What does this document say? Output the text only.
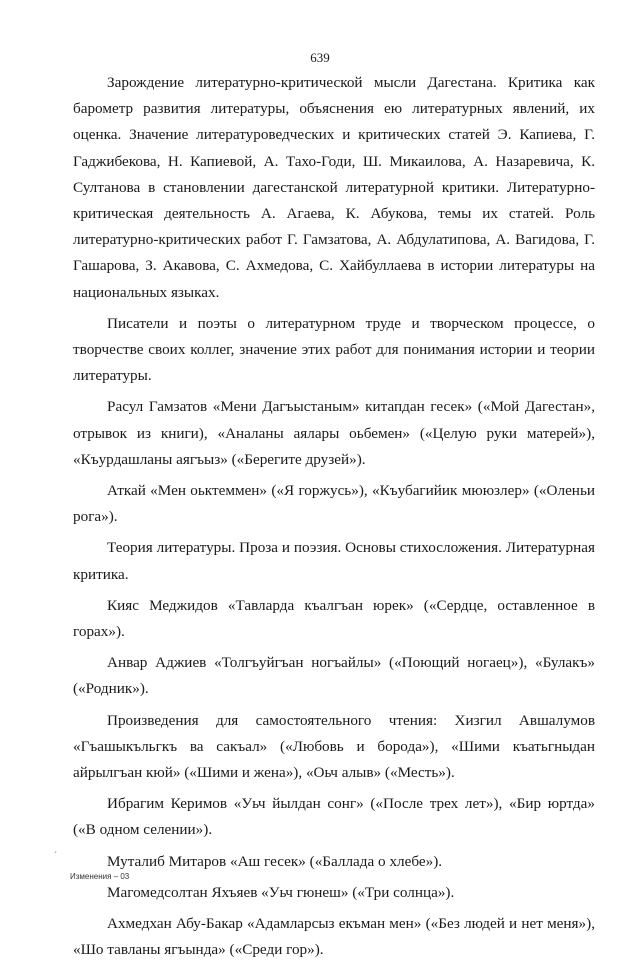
639

Зарождение литературно-критической мысли Дагестана. Критика как барометр развития литературы, объяснения ею литературных явлений, их оценка. Значение литературоведческих и критических статей Э. Капиева, Г. Гаджибекова, Н. Капиевой, А. Тахо-Годи, Ш. Микаилова, А. Назаревича, К. Султанова в становлении дагестанской литературной критики. Литературно-критическая деятельность А. Агаева, К. Абукова, темы их статей. Роль литературно-критических работ Г. Гамзатова, А. Абдулатипова, А. Вагидова, Г. Гашарова, З. Акавова, С. Ахмедова, С. Хайбуллаева в истории литературы на национальных языках.

Писатели и поэты о литературном труде и творческом процессе, о творчестве своих коллег, значение этих работ для понимания истории и теории литературы.

Расул Гамзатов «Мени Дагъыстаным» китапдан гесек» («Мой Дагестан», отрывок из книги), «Аналаны аялары оьбемен» («Целую руки матерей»), «Къурдашланы аягъыз» («Берегите друзей»).

Аткай «Мен оьктеммен» («Я горжусь»), «Къубагийик мююзлер» («Оленьи рога»).

Теория литературы. Проза и поэзия. Основы стихосложения. Литературная критика.

Кияс Меджидов «Тавларда къалгъан юрек» («Сердце, оставленное в горах»).

Анвар Аджиев «Толгъуйгъан ногъайлы» («Поющий ногаец»), «Булакъ» («Родник»).

Произведения для самостоятельного чтения: Хизгил Авшалумов «Гъашыкъльгкъ ва сакъал» («Любовь и борода»), «Шими къатьгныдан айрылгъан кюй» («Шими и жена»), «Оьч алыв» («Месть»).

Ибрагим Керимов «Уьч йылдан сонг» («После трех лет»), «Бир юртда» («В одном селении»).

Муталиб Митаров «Аш гесек» («Баллада о хлебе»).

Магомедсолтан Яхъяев «Уьч гюнеш» («Три солнца»).

Ахмедхан Абу-Бакар «Адамларсыз екъман мен» («Без людей и нет меня»), «Шо тавланы ягъында» («Среди гор»).

ˊ
Изменения – 03
